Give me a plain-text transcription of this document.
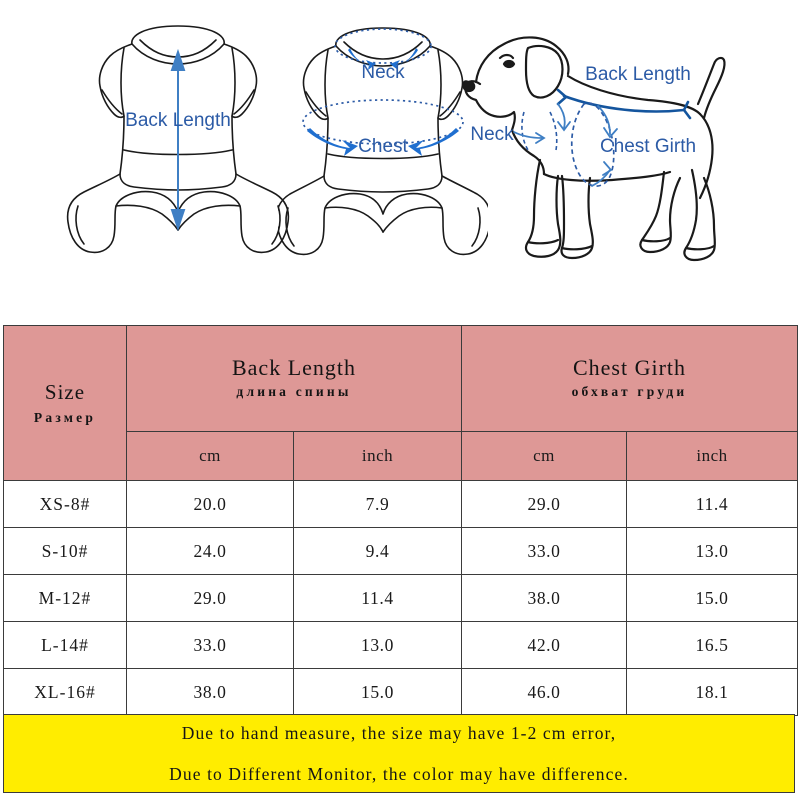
Back Length
Neck
Chest
Back Length
Neck
Chest Girth
Size
Размер

Back Length
длина спины

Chest Girth
обхват груди

	cm	inch	cm	inch
XS-8#	20.0	7.9	29.0	11.4
S-10#	24.0	9.4	33.0	13.0
M-12#	29.0	11.4	38.0	15.0
L-14#	33.0	13.0	42.0	16.5
XL-16#	38.0	15.0	46.0	18.1
Due to hand measure, the size may have 1-2 cm error,
Due to Different Monitor, the color may have difference.
